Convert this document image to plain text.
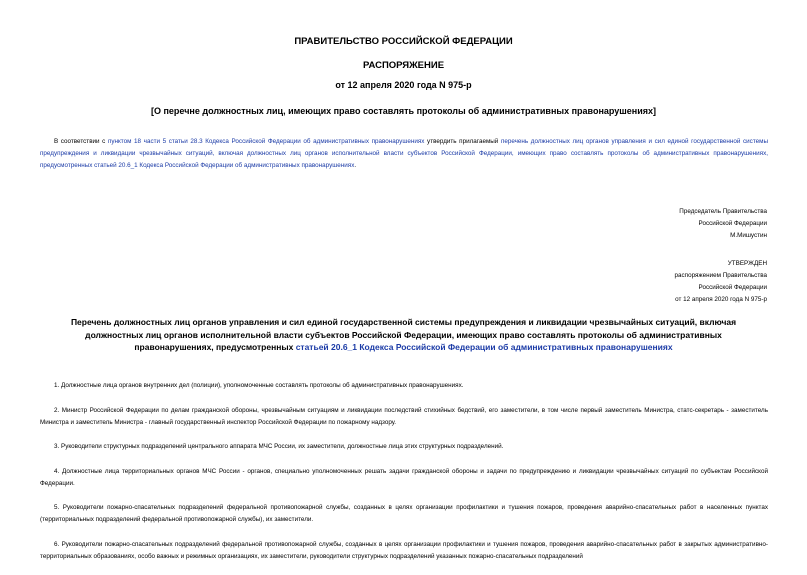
ПРАВИТЕЛЬСТВО РОССИЙСКОЙ ФЕДЕРАЦИИ
РАСПОРЯЖЕНИЕ
от 12 апреля 2020 года N 975-р
[О перечне должностных лиц, имеющих право составлять протоколы об административных правонарушениях]
В соответствии с пунктом 18 части 5 статьи 28.3 Кодекса Российской Федерации об административных правонарушениях утвердить прилагаемый перечень должностных лиц органов управления и сил единой государственной системы предупреждения и ликвидации чрезвычайных ситуаций, включая должностных лиц органов исполнительной власти субъектов Российской Федерации, имеющих право составлять протоколы об административных правонарушениях, предусмотренных статьей 20.6_1 Кодекса Российской Федерации об административных правонарушениях.
Председатель Правительства
Российской Федерации
М.Мишустин
УТВЕРЖДЕН
распоряжением Правительства
Российской Федерации
от 12 апреля 2020 года N 975-р
Перечень должностных лиц органов управления и сил единой государственной системы предупреждения и ликвидации чрезвычайных ситуаций, включая должностных лиц органов исполнительной власти субъектов Российской Федерации, имеющих право составлять протоколы об административных правонарушениях, предусмотренных статьей 20.6_1 Кодекса Российской Федерации об административных правонарушениях

1. Должностные лица органов внутренних дел (полиции), уполномоченные составлять протоколы об административных правонарушениях.

2. Министр Российской Федерации по делам гражданской обороны, чрезвычайным ситуациям и ликвидации последствий стихийных бедствий, его заместители, в том числе первый заместитель Министра, статс-секретарь - заместитель Министра и заместитель Министра - главный государственный инспектор Российской Федерации по пожарному надзору.

3. Руководители структурных подразделений центрального аппарата МЧС России, их заместители, должностные лица этих структурных подразделений.

4. Должностные лица территориальных органов МЧС России - органов, специально уполномоченных решать задачи гражданской обороны и задачи по предупреждению и ликвидации чрезвычайных ситуаций по субъектам Российской Федерации.

5. Руководители пожарно-спасательных подразделений федеральной противопожарной службы, созданных в целях организации профилактики и тушения пожаров, проведения аварийно-спасательных работ в населенных пунктах (территориальных подразделений федеральной противопожарной службы), их заместители.

6. Руководители пожарно-спасательных подразделений федеральной противопожарной службы, созданных в целях организации профилактики и тушения пожаров, проведения аварийно-спасательных работ в закрытых административно-территориальных образованиях, особо важных и режимных организациях, их заместители, руководители структурных подразделений указанных пожарно-спасательных подразделений
